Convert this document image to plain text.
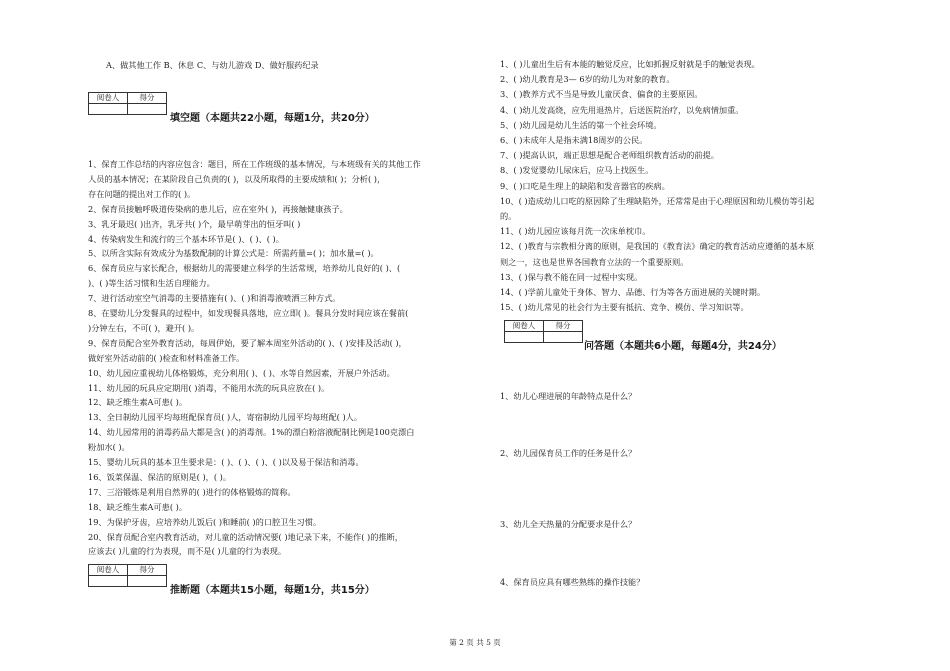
A、做其他工作 B、休息 C、与幼儿游戏 D、做好服药纪录
阅卷人	得分

填空题（本题共22小题，每题1分，共20分）
1、保育工作总结的内容应包含：题目，所在工作班级的基本情况，与本班级有关的其他工作
人员的基本情况；在某阶段自己负责的( )，以及所取得的主要成绩和( )；分析( )，
存在问题的提出对工作的( )。
2、保育员接触呼吸道传染病的患儿后，应在室外( )，再接触健康孩子。
3、乳牙最迟( )出齐，乳牙共( )个，最早萌芽出的恒牙叫( )
4、传染病发生和流行的三个基本环节是( )、( )、( )。
5、以所含实际有效成分为基数配制的计算公式是：所需药量=( )；加水量=( )。
6、保育员应与家长配合，根据幼儿的需要建立科学的生活常规，培养幼儿良好的( )、(
)、( )等生活习惯和生活自理能力。
7、进行活动室空气消毒的主要措施有( )、( )和消毒液喷洒三种方式。
8、在婴幼儿分发餐具的过程中，如发现餐具落地，应立即( )。餐具分发时间应该在餐前(
)分钟左右，不可( )，避开( )。
9、保育员配合室外教育活动，每周伊始，要了解本周室外活动的( )、( )安排及活动( )，
做好室外活动前的( )检查和材料准备工作。
10、幼儿园应重视幼儿体格锻炼，充分利用( )、( )、水等自然因素，开展户外活动。
11、幼儿园的玩具应定期用( )消毒，不能用水洗的玩具应放在( )。
12、缺乏维生素A可患( )。
13、全日制幼儿园平均每班配保育员( )人，寄宿制幼儿园平均每班配( )人。
14、幼儿园常用的消毒药品大都是含( )的消毒剂。1%的漂白粉溶液配制比例是100克漂白
粉加水( )。
15、婴幼儿玩具的基本卫生要求是：( )、( )、( )、( )以及易于保洁和消毒。
16、饭菜保温、保洁的原则是( )，( )。
17、三浴锻炼是利用自然界的( )进行的体格锻炼的简称。
18、缺乏维生素A可患( )。
19、为保护牙齿，应培养幼儿饭后( )和睡前( )的口腔卫生习惯。
20、保育员配合室内教育活动，对儿童的活动情况要( )地记录下来，不能作( )的推断，
应该去( )儿童的行为表现，而不是( )儿童的行为表现。
阅卷人	得分

推断题（本题共15小题，每题1分，共15分）
1、( )儿童出生后有本能的触觉反应，比如抓握反射就是手的触觉表现。
2、( )幼儿教育是3— 6岁的幼儿为对象的教育。
3、( )教养方式不当是导致儿童厌食、偏食的主要原因。
4、( )幼儿发高烧，应先用退热片，后送医院治疗，以免病情加重。
5、( )幼儿园是幼儿生活的第一个社会环境。
6、( )未成年人是指未满18周岁的公民。
7、( )提高认识，端正思想是配合老师组织教育活动的前提。
8、( )发觉婴幼儿尿床后，应马上找医生。
9、( )口吃是生理上的缺陷和发音器官的疾病。
10、( )造成幼儿口吃的原因除了生理缺陷外，还常常是由于心理原因和幼儿模仿等引起
的。
11、( )幼儿园应该每月洗一次床单枕巾。
12、( )教育与宗教相分离的原则，是我国的《教育法》确定的教育活动应遵循的基本原
则之一，这也是世界各国教育立法的一个重要原则。
13、( )保与教不能在同一过程中实现。
14、( )学前儿童处于身体、智力、品德、行为等各方面进展的关键时期。
15、( )幼儿常见的社会行为主要有抵抗、竞争、模仿、学习知识等。
阅卷人	得分

问答题（本题共6小题，每题4分，共24分）
1、幼儿心理进展的年龄特点是什么？
2、幼儿园保育员工作的任务是什么？
3、幼儿全天热量的分配要求是什么？
4、保育员应具有哪些熟练的操作技能？
第 2 页 共 5 页
